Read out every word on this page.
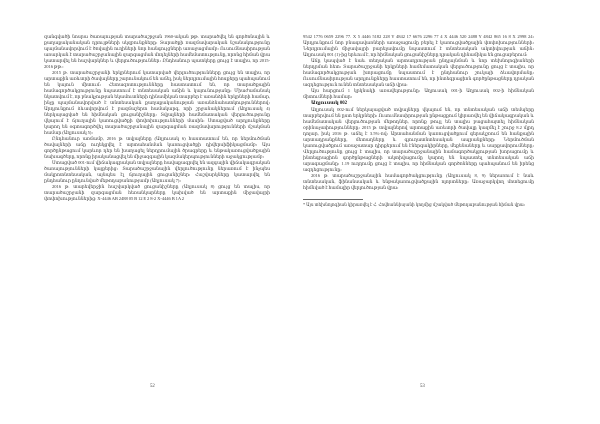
զանգվածի նոսրա ծառայության տարածաշրջան 1960-ական թթ. տարածվել են գործոնային և քաղաքականական դրույթների սկզբունքները։ Տարածքի ռազմավարական նշանակությունը պայմանավորվում է ծովային ուղիների նոր հանգույցների առաջացմամբ։ Ուսումնասիրության առարկան է տարածաշրջանային զարգացման մոդելների համեմատությունը, որոնց հիման վրա կատարվել են հաշվարկներ և վերլուծություններ։ Ընդհանուր պատկերը ցույց է տալիս, որ 2015-2016 թթ.։

2015 թ. տարածաշրջանի երկրներում կատարված վերլուծությունները ցույց են տալիս, որ արտաքին առևտրի ծավալները շարունակում են աճել, իսկ ներդրումային հոսքերը պահպանում են կայուն միտում։ Հետազոտությունները հաստատում են, որ տարածքային համագործակցությունը նպաստում է տնտեսական աճին և կայունությանը։ Միաժամանակ նկատվում է, որ բնակչության եկամուտների դինամիկան տարբեր է առանձին երկրների համար, ինչը պայմանավորված է տնտեսական քաղաքականության առանձնահատկություններով։ Արդյունքում ձևավորվում է բազմաշերտ համակարգ, որի շրջանակներում (Աղյուսակ 4) ներկայացված են հիմնական ցուցանիշները։ Տվյալների համեմատական վերլուծությունը վկայում է ճյուղային կառուցվածքի փոփոխությունների մասին։ Ստացված արդյունքները կարող են օգտագործվել տարածաշրջանային զարգացման ռազմավարությունների մշակման համար (Աղյուսակ 5)։

Ընդհանուր առմամբ, 2016 թ. տվյալները (Աղյուսակ 6) հաստատում են, որ ներմուծման ծավալների աճը ուղեկցվել է արտահանման կառուցվածքի դիվերսիֆիկացմամբ։ Այս գործընթացում կարևոր դեր են խաղացել ներդրումային ծրագրերը և ենթակառուցվածքային նախագծերը, որոնք իրականացվել են միջազգային կազմակերպությունների աջակցությամբ։

Ստացված 001-ում վիճակագրական տվյալները հավաքագրվել են ազգային վիճակագրական ծառայությունների կայքերից։ Տարածաշրջանային վերլուծությունը ներառում է ինչպես մակրոտնտեսական, այնպես էլ ճյուղային ցուցանիշներ։ Հաշվարկները կատարվել են ընդհանուր ընդունված մեթոդաբանությամբ (Աղյուսակ 7)։

2016 թ. տարեվերջին հաշվարկված ցուցանիշները (Աղյուսակ 8) ցույց են տալիս, որ տարածաշրջանի զարգացման հեռանկարները կախված են արտաքին միջավայրի փոփոխություններից: X-4446 AB 2488 05 B 12 E 2 8-2 X-4446 B 1A 2

9542 1776 0659 2296 77. X 5 4446 5182 228 Y 4842 17 6676 2296 77 4 X 4446 520 2488 Y 4842 865 16 8 X 2998 24։ Արդյունքում նոր բնագավառների առաջացումը բերել է կառուցվածքային փոփոխությունների։ Ներդրումային միջավայրի բարելավումը նպաստում է տնտեսական ակտիվության աճին։ Աղյուսակ 001 (1)-ից երևում է, որ հիմնական ցուցանիշները դրական դինամիկա են ցուցաբերում։

Աճը կապված է նաև տեղական արտադրության ընդլայնման և նոր տեխնոլոգիաների ներդրման հետ։ Տարածաշրջանի երկրների համեմատական վերլուծությունը ցույց է տալիս, որ համագործակցության խորացումը նպաստում է ընդհանուր շուկայի ձևավորմանը։ Ուսումնասիրության արդյունքները հաստատում են, որ ինտեգրացիոն գործընթացները դրական ազդեցություն ունեն տնտեսական աճի վրա։

Այս հարցում 1 կրկնակի առավելությունը։ Աղյուսակ 001-ի Աղյուսակ 002-ի հիմնական միտումների համար։

Աղյուսակ 002

Աղյուսակ 002-ում ներկայացված տվյալները վկայում են, որ տնտեսական աճի տեմպերը տարբերվում են ըստ երկրների։ Ուսումնասիրության ընթացքում կիրառվել են վիճակագրական և համեմատական վերլուծության մեթոդներ, որոնք թույլ են տալիս բացահայտել հիմնական օրինաչափությունները։ 2015 թ. տվյալներով արտաքին առևտրի ծավալը կազմել է շուրջ 8.2 մլրդ դոլար, իսկ 2016 թ. աճել է 3.5%-ով։ Արտահանման կառուցվածքում գերակշռում են հանքային արտադրանքները, մետաղները և գյուղատնտեսական ապրանքները։ Ներմուծման կառուցվածքում առաջատար դիրքերում են էներգակիրները, մեքենաները և սարքավորումները։ Վերլուծությունը ցույց է տալիս, որ տարածաշրջանային համագործակցության խորացումը և ինտեգրացիոն գործընթացների ակտիվացումը կարող են նպաստել տնտեսական աճի արագացմանը։ 1.19 ուղղումը ցույց է տալիս, որ հիմնական գործոնները պահպանում են իրենց ազդեցությունը։

2016 թ. տարածաշրջանային համագործակցությունը (Աղյուսակ 8, 9) ներառում է նաև տնտեսական, ֆինանսական և ենթակառուցվածքային ոլորտները։ Առաջարկվող մոտեցումը հիմնված է համալիր վերլուծության վրա։

* Այս տեխնոլոգիան կիրառվել է Հ. Հովհաննիսյանի կողմից մշակված մեթոդաբանության հիման վրա։

52	53
